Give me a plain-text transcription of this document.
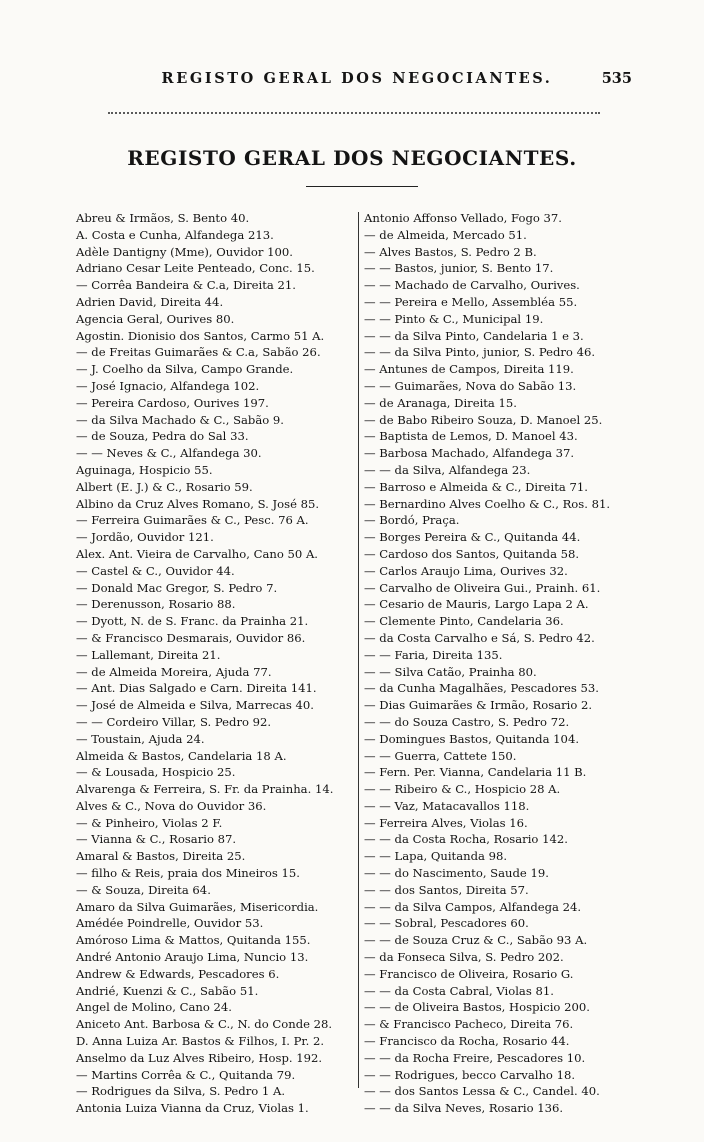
REGISTO GERAL DOS NEGOCIANTES.	535
REGISTO GERAL DOS NEGOCIANTES.
Abreu & Irmãos, S. Bento 40.
A. Costa e Cunha, Alfandega 213.
Adèle Dantigny (Mme), Ouvidor 100.
Adriano Cesar Leite Penteado, Conc. 15.
— Corrêa Bandeira & C.a, Direita 21.
Adrien David, Direita 44.
Agencia Geral, Ourives 80.
Agostin. Dionisio dos Santos, Carmo 51 A.
— de Freitas Guimarães & C.a, Sabão 26.
— J. Coelho da Silva, Campo Grande.
— José Ignacio, Alfandega 102.
— Pereira Cardoso, Ourives 197.
— da Silva Machado & C., Sabão 9.
— de Souza, Pedra do Sal 33.
— — Neves & C., Alfandega 30.
Aguinaga, Hospicio 55.
Albert (E. J.) & C., Rosario 59.
Albino da Cruz Alves Romano, S. José 85.
— Ferreira Guimarães & C., Pesc. 76 A.
— Jordão, Ouvidor 121.
Alex. Ant. Vieira de Carvalho, Cano 50 A.
— Castel & C., Ouvidor 44.
— Donald Mac Gregor, S. Pedro 7.
— Derenusson, Rosario 88.
— Dyott, N. de S. Franc. da Prainha 21.
— & Francisco Desmarais, Ouvidor 86.
— Lallemant, Direita 21.
— de Almeida Moreira, Ajuda 77.
— Ant. Dias Salgado e Carn. Direita 141.
— José de Almeida e Silva, Marrecas 40.
— — Cordeiro Villar, S. Pedro 92.
— Toustain, Ajuda 24.
Almeida & Bastos, Candelaria 18 A.
— & Lousada, Hospicio 25.
Alvarenga & Ferreira, S. Fr. da Prainha. 14.
Alves & C., Nova do Ouvidor 36.
— & Pinheiro, Violas 2 F.
— Vianna & C., Rosario 87.
Amaral & Bastos, Direita 25.
— filho & Reis, praia dos Mineiros 15.
— & Souza, Direita 64.
Amaro da Silva Guimarães, Misericordia.
Amédée Poindrelle, Ouvidor 53.
Amóroso Lima & Mattos, Quitanda 155.
André Antonio Araujo Lima, Nuncio 13.
Andrew & Edwards, Pescadores 6.
Andrié, Kuenzi & C., Sabão 51.
Angel de Molino, Cano 24.
Aniceto Ant. Barbosa & C., N. do Conde 28.
D. Anna Luiza Ar. Bastos & Filhos, I. Pr. 2.
Anselmo da Luz Alves Ribeiro, Hosp. 192.
— Martins Corrêa & C., Quitanda 79.
— Rodrigues da Silva, S. Pedro 1 A.
Antonia Luiza Vianna da Cruz, Violas 1.
Antonio Affonso Vellado, Fogo 37.
— de Almeida, Mercado 51.
— Alves Bastos, S. Pedro 2 B.
— — Bastos, junior, S. Bento 17.
— — Machado de Carvalho, Ourives.
— — Pereira e Mello, Assembléa 55.
— — Pinto & C., Municipal 19.
— — da Silva Pinto, Candelaria 1 e 3.
— — da Silva Pinto, junior, S. Pedro 46.
— Antunes de Campos, Direita 119.
— — Guimarães, Nova do Sabão 13.
— de Aranaga, Direita 15.
— de Babo Ribeiro Souza, D. Manoel 25.
— Baptista de Lemos, D. Manoel 43.
— Barbosa Machado, Alfandega 37.
— — da Silva, Alfandega 23.
— Barroso e Almeida & C., Direita 71.
— Bernardino Alves Coelho & C., Ros. 81.
— Bordó, Praça.
— Borges Pereira & C., Quitanda 44.
— Cardoso dos Santos, Quitanda 58.
— Carlos Araujo Lima, Ourives 32.
— Carvalho de Oliveira Gui., Prainh. 61.
— Cesario de Mauris, Largo Lapa 2 A.
— Clemente Pinto, Candelaria 36.
— da Costa Carvalho e Sá, S. Pedro 42.
— — Faria, Direita 135.
— — Silva Catão, Prainha 80.
— da Cunha Magalhães, Pescadores 53.
— Dias Guimarães & Irmão, Rosario 2.
— — do Souza Castro, S. Pedro 72.
— Domingues Bastos, Quitanda 104.
— — Guerra, Cattete 150.
— Fern. Per. Vianna, Candelaria 11 B.
— — Ribeiro & C., Hospicio 28 A.
— — Vaz, Matacavallos 118.
— Ferreira Alves, Violas 16.
— — da Costa Rocha, Rosario 142.
— — Lapa, Quitanda 98.
— — do Nascimento, Saude 19.
— — dos Santos, Direita 57.
— — da Silva Campos, Alfandega 24.
— — Sobral, Pescadores 60.
— — de Souza Cruz & C., Sabão 93 A.
— da Fonseca Silva, S. Pedro 202.
— Francisco de Oliveira, Rosario G.
— — da Costa Cabral, Violas 81.
— — de Oliveira Bastos, Hospicio 200.
— & Francisco Pacheco, Direita 76.
— Francisco da Rocha, Rosario 44.
— — da Rocha Freire, Pescadores 10.
— — Rodrigues, becco Carvalho 18.
— — dos Santos Lessa & C., Candel. 40.
— — da Silva Neves, Rosario 136.
